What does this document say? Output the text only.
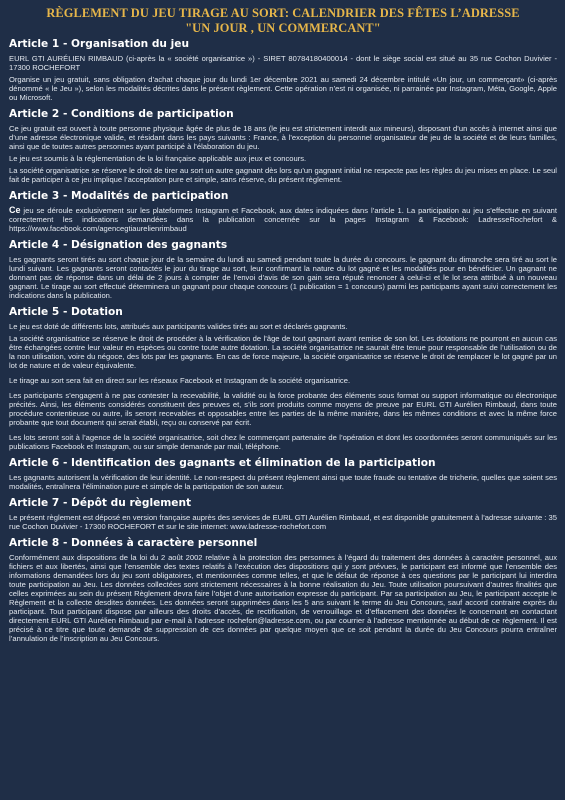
RÈGLEMENT DU JEU TIRAGE AU SORT: CALENDRIER DES FÊTES L’ADRESSE
"UN JOUR , UN COMMERCANT"
Article 1 - Organisation du jeu

EURL GTI AURÉLIEN RIMBAUD (ci-après la « société organisatrice ») - SIRET 80784180400014 - dont le siège social est situé au 35 rue Cochon Duvivier - 17300 ROCHEFORT

Organise un jeu gratuit, sans obligation d’achat chaque jour du lundi 1er décembre 2021 au samedi 24 décembre intitulé «Un jour, un commerçant» (ci-après dénommé « le Jeu »), selon les modalités décrites dans le présent règlement. Cette opération n’est ni organisée, ni parrainée par Instagram, Méta, Google, Apple ou Microsoft.

Article 2 - Conditions de participation

Ce jeu gratuit est ouvert à toute personne physique âgée de plus de 18 ans (le jeu est strictement interdit aux mineurs), disposant d’un accès à internet ainsi que d’une adresse électronique valide, et résidant dans les pays suivants : France, à l’exception du personnel organisateur de jeu de la société et de leurs familles, ainsi que de toutes autres personnes ayant participé à l’élaboration du jeu.

Le jeu est soumis à la réglementation de la loi française applicable aux jeux et concours.

La société organisatrice se réserve le droit de tirer au sort un autre gagnant dès lors qu’un gagnant initial ne respecte pas les règles du jeu mises en place. Le seul fait de participer à ce jeu implique l’acceptation pure et simple, sans réserve, du présent règlement.

Article 3 - Modalités de participation

Ce jeu se déroule exclusivement sur les plateformes Instagram et Facebook, aux dates indiquées dans l’article 1. La participation au jeu s’effectue en suivant correctement les indications demandées dans la publication concernée sur la pages Instagram & Facebook: LadresseRochefort & https://www.facebook.com/agencegtiaurelienrimbaud

Article 4 - Désignation des gagnants

Les gagnants seront tirés au sort chaque jour de la semaine du lundi au samedi pendant toute la durée du concours. le gagnant du dimanche sera tiré au sort le lundi suivant. Les gagnants seront contactés le jour du tirage au sort, leur confirmant la nature du lot gagné et les modalités pour en bénéficier. Un gagnant ne donnant pas de réponse dans un délai de 2 jours à compter de l’envoi d’avis de son gain sera réputé renoncer à celui-ci et le lot sera attribué à un nouveau gagnant. Le tirage au sort effectué déterminera un gagnant pour chaque concours (1 publication = 1 concours) parmi les participants ayant suivi correctement les indications dans la publication.

Article 5 - Dotation

Le jeu est doté de différents lots, attribués aux participants valides tirés au sort et déclarés gagnants.

La société organisatrice se réserve le droit de procéder à la vérification de l’âge de tout gagnant avant remise de son lot. Les dotations ne pourront en aucun cas être échangées contre leur valeur en espèces ou contre toute autre dotation. La société organisatrice ne saurait être tenue pour responsable de l’utilisation ou de la non utilisation, voire du négoce, des lots par les gagnants. En cas de force majeure, la société organisatrice se réserve le droit de remplacer le lot gagné par un lot de nature et de valeur équivalente.

Le tirage au sort sera fait en direct sur les réseaux Facebook et Instagram de la société organisatrice.

Les participants s’engagent à ne pas contester la recevabilité, la validité ou la force probante des éléments sous format ou support informatique ou électronique précités. Ainsi, les éléments considérés constituent des preuves et, s’ils sont produits comme moyens de preuve par EURL GTI Aurélien Rimbaud, dans toute procédure contentieuse ou autre, ils seront recevables et opposables entre les parties de la même manière, dans les mêmes conditions et avec la même force probante que tout document qui serait établi, reçu ou conservé par écrit.

Les lots seront soit à l’agence de la société organisatrice, soit chez le commerçant partenaire de l’opération et dont les coordonnées seront communiqués sur les publications Facebook et Instagram, ou sur simple demande par mail, téléphone.

Article 6 - Identification des gagnants et élimination de la participation

Les gagnants autorisent la vérification de leur identité. Le non-respect du présent règlement ainsi que toute fraude ou tentative de tricherie, quelles que soient ses modalités, entraînera l’élimination pure et simple de la participation de son auteur.

Article 7 - Dépôt du règlement

Le présent règlement est déposé en version française auprès des services de EURL GTI Aurélien Rimbaud, et est disponible gratuitement à l’adresse suivante : 35 rue Cochon Duvivier - 17300 ROCHEFORT et sur le site internet: www.ladresse-rochefort.com

Article 8 - Données à caractère personnel

Conformément aux dispositions de la loi du 2 août 2002 relative à la protection des personnes à l’égard du traitement des données à caractère personnel, aux fichiers et aux libertés, ainsi que l’ensemble des textes relatifs à l’exécution des dispositions qui y sont prévues, le participant est informé que l’ensemble des informations demandées lors du jeu sont obligatoires, et mentionnées comme telles, et que le défaut de réponse à ces questions par le participant lui interdira toute participation au Jeu. Les données collectées sont strictement nécessaires à la bonne réalisation du Jeu. Toute utilisation poursuivant d’autres finalités que celles exprimées au sein du présent Règlement devra faire l’objet d’une autorisation expresse du participant. Par sa participation au Jeu, le participant accepte le Règlement et la collecte desdites données. Les données seront supprimées dans les 5 ans suivant le terme du Jeu Concours, sauf accord contraire exprès du participant. Tout participant dispose par ailleurs des droits d’accès, de rectification, de verrouillage et d’effacement des données le concernant en contactant directement EURL GTI Aurélien Rimbaud par e-mail à l’adresse rochefort@ladresse.com, ou par courrier à l’adresse mentionnée au début de ce règlement. Il est précisé à ce titre que toute demande de suppression de ces données par quelque moyen que ce soit pendant la durée du Jeu Concours pourra entraîner l’annulation de l’inscription au Jeu Concours.
